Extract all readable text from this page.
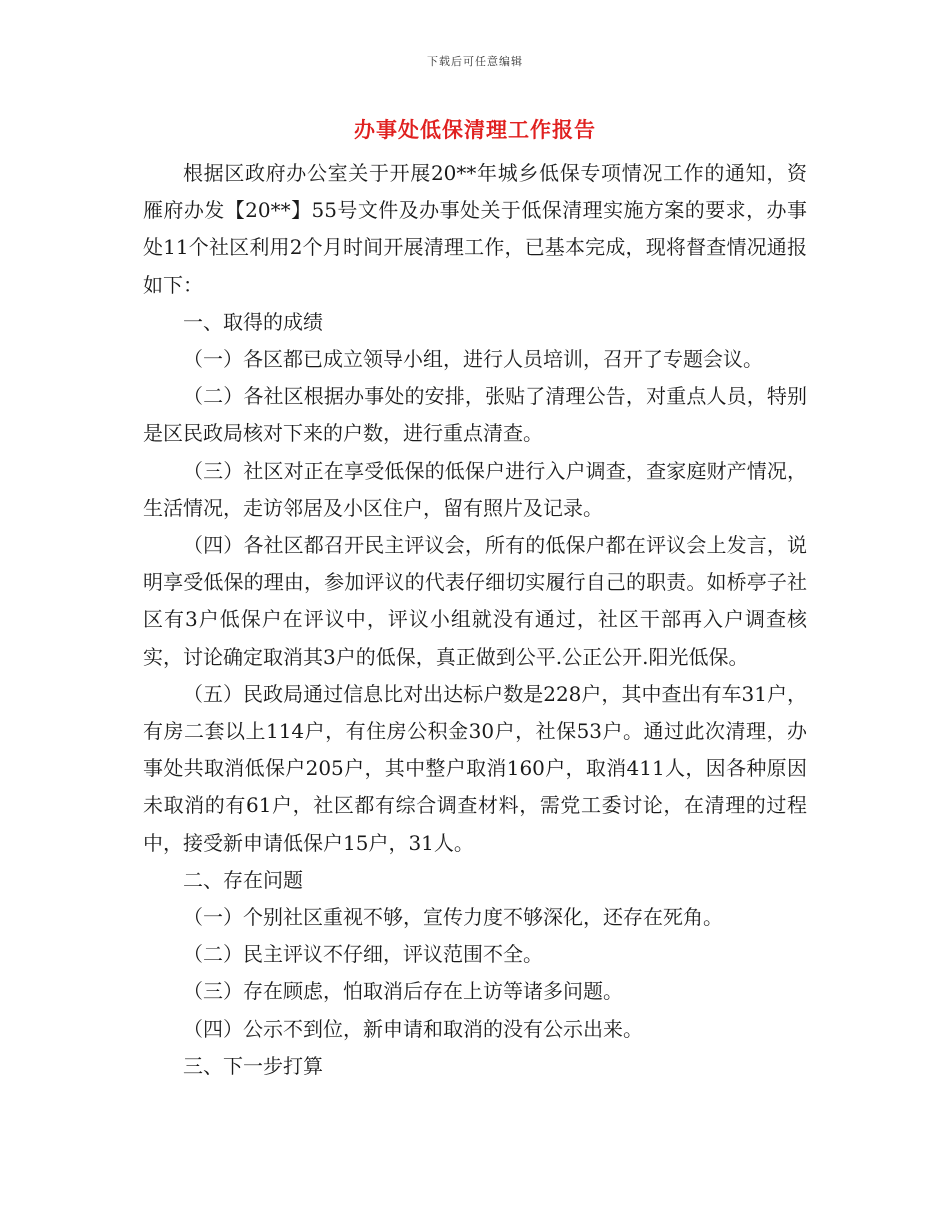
下载后可任意编辑
办事处低保清理工作报告

根据区政府办公室关于开展20**年城乡低保专项情况工作的通知，资雁府办发【20**】55号文件及办事处关于低保清理实施方案的要求，办事处11个社区利用2个月时间开展清理工作，已基本完成，现将督查情况通报如下：

一、取得的成绩

（一）各区都已成立领导小组，进行人员培训，召开了专题会议。

（二）各社区根据办事处的安排，张贴了清理公告，对重点人员，特别是区民政局核对下来的户数，进行重点清查。

（三）社区对正在享受低保的低保户进行入户调查，查家庭财产情况，生活情况，走访邻居及小区住户，留有照片及记录。

（四）各社区都召开民主评议会，所有的低保户都在评议会上发言，说明享受低保的理由，参加评议的代表仔细切实履行自己的职责。如桥亭子社区有3户低保户在评议中，评议小组就没有通过，社区干部再入户调查核实，讨论确定取消其3户的低保，真正做到公平.公正公开.阳光低保。

（五）民政局通过信息比对出达标户数是228户，其中查出有车31户，有房二套以上114户，有住房公积金30户，社保53户。通过此次清理，办事处共取消低保户205户，其中整户取消160户，取消411人，因各种原因未取消的有61户，社区都有综合调查材料，需党工委讨论，在清理的过程中，接受新申请低保户15户，31人。

二、存在问题

（一）个别社区重视不够，宣传力度不够深化，还存在死角。

（二）民主评议不仔细，评议范围不全。

（三）存在顾虑，怕取消后存在上访等诸多问题。

（四）公示不到位，新申请和取消的没有公示出来。

三、下一步打算
